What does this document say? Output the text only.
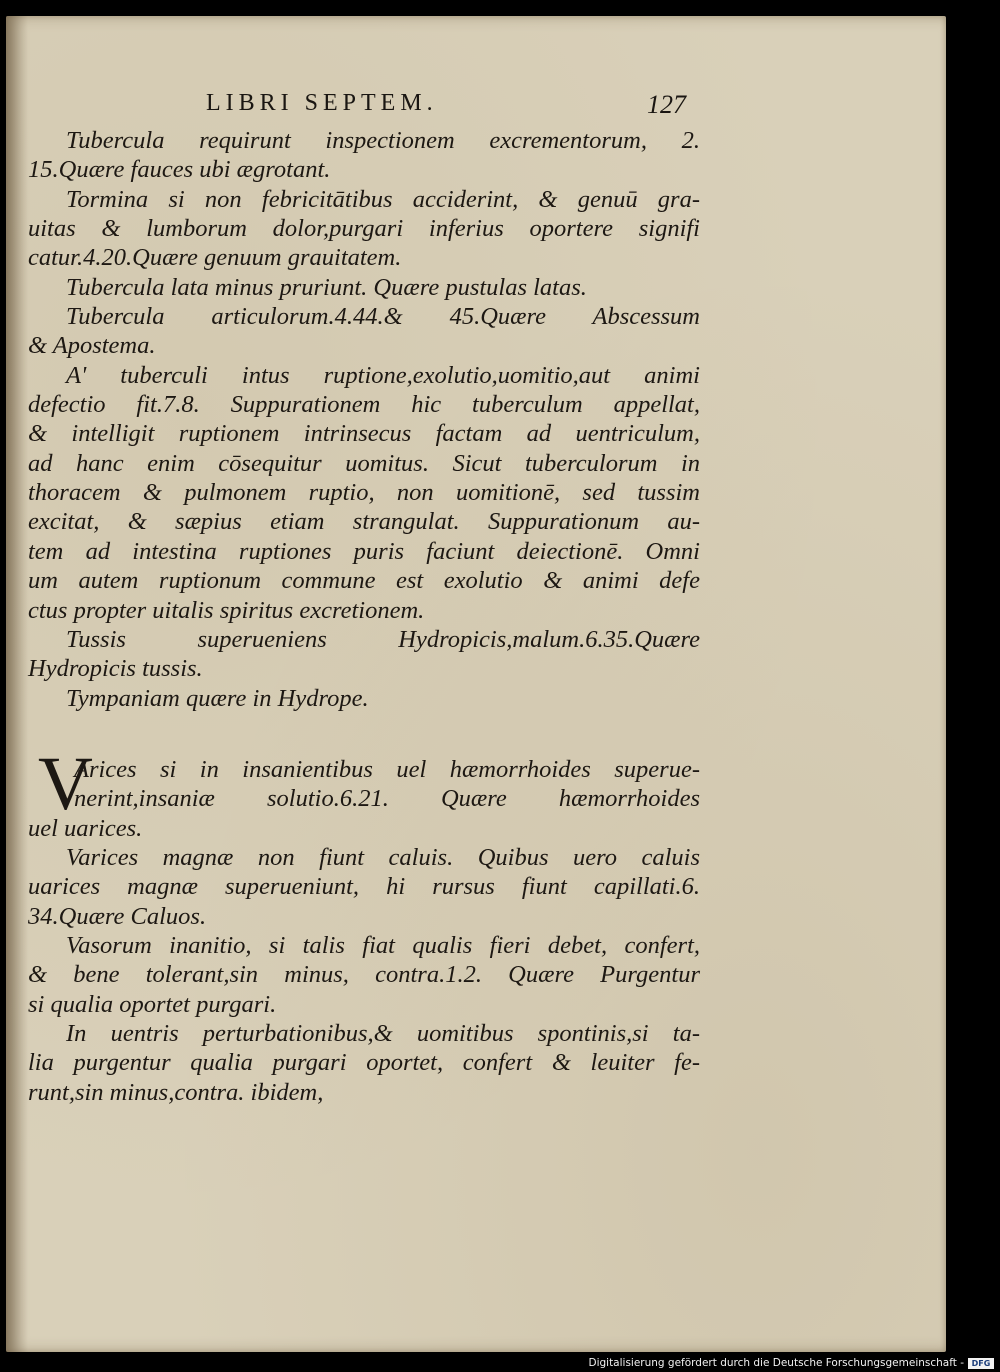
LIBRI SEPTEM.	127
Tubercula requirunt inspectionem excrementorum, 2.
15.Quære fauces ubi ægrotant.
Tormina si non febricitātibus acciderint, & genuū gra-
uitas & lumborum dolor,purgari inferius oportere signifi
catur.4.20.Quære genuum grauitatem.
Tubercula lata minus pruriunt. Quære pustulas latas.
Tubercula articulorum.4.44.& 45.Quære Abscessum
& Apostema.
A' tuberculi intus ruptione,exolutio,uomitio,aut animi
defectio fit.7.8. Suppurationem hic tuberculum appellat,
& intelligit ruptionem intrinsecus factam ad uentriculum,
ad hanc enim cōsequitur uomitus. Sicut tuberculorum in
thoracem & pulmonem ruptio, non uomitionē, sed tussim
excitat, & sæpius etiam strangulat. Suppurationum au-
tem ad intestina ruptiones puris faciunt deiectionē. Omni
um autem ruptionum commune est exolutio & animi defe
ctus propter uitalis spiritus excretionem.
Tussis superueniens Hydropicis,malum.6.35.Quære
Hydropicis tussis.
Tympaniam quære in Hydrope.
V
Arices si in insanientibus uel hæmorrhoides superue-
nerint,insaniæ solutio.6.21. Quære hæmorrhoides
uel uarices.
Varices magnæ non fiunt caluis. Quibus uero caluis
uarices magnæ superueniunt, hi rursus fiunt capillati.6.
34.Quære Caluos.
Vasorum inanitio, si talis fiat qualis fieri debet, confert,
& bene tolerant,sin minus, contra.1.2. Quære Purgentur
si qualia oportet purgari.
In uentris perturbationibus,& uomitibus spontinis,si ta-
lia purgentur qualia purgari oportet, confert & leuiter fe-
runt,sin minus,contra. ibidem,
Digitalisierung gefördert durch die Deutsche Forschungsgemeinschaft - DFG
